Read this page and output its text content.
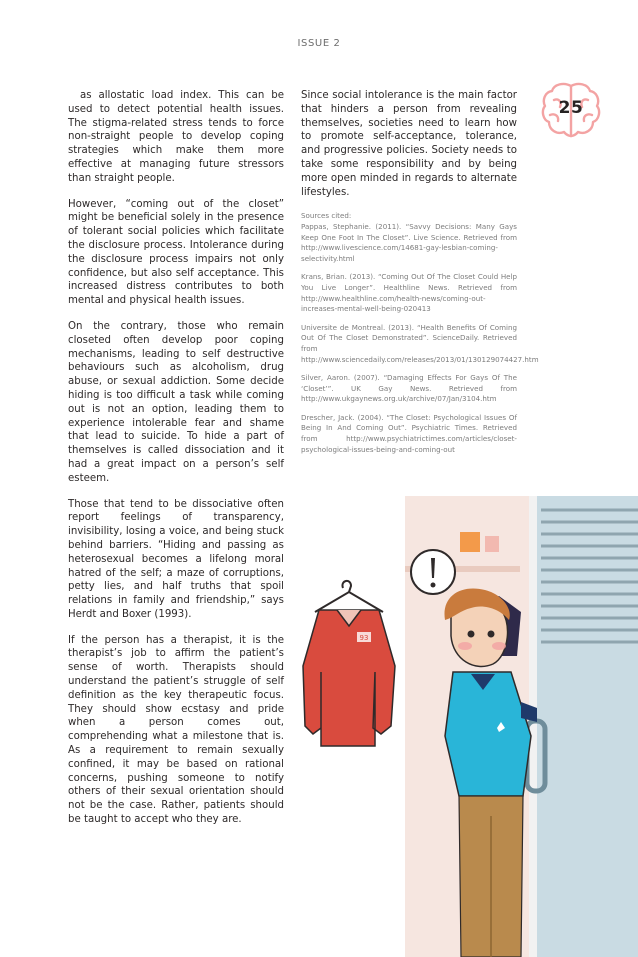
ISSUE 2
25

as allostatic load index. This can be used to detect potential health issues. The stigma-related stress tends to force non-straight people to develop coping strategies which make them more effective at managing future stressors than straight people.

However, “coming out of the closet” might be beneficial solely in the presence of tolerant social policies which facilitate the disclosure process. Intolerance during the disclosure process impairs not only confidence, but also self acceptance. This increased distress contributes to both mental and physical health issues.

On the contrary, those who remain closeted often develop poor coping mechanisms, leading to self destructive behaviours such as alcoholism, drug abuse, or sexual addiction. Some decide hiding is too difficult a task while coming out is not an option, leading them to experience intolerable fear and shame that lead to suicide. To hide a part of themselves is called dissociation and it had a great impact on a person’s self esteem.

Those that tend to be dissociative often report feelings of transparency, invisibility, losing a voice, and being stuck behind barriers. “Hiding and passing as heterosexual becomes a lifelong moral hatred of the self; a maze of corruptions, petty lies, and half truths that spoil relations in family and friendship,” says Herdt and Boxer (1993).

If the person has a therapist, it is the therapist’s job to affirm the patient’s sense of worth. Therapists should understand the patient’s struggle of self definition as the key therapeutic focus. They should show ecstasy and pride when a person comes out, comprehending what a milestone that is. As a requirement to remain sexually confined, it may be based on rational concerns, pushing someone to notify others of their sexual orientation should not be the case. Rather, patients should be taught to accept who they are.

Since social intolerance is the main factor that hinders a person from revealing themselves, societies need to learn how to promote self-acceptance, tolerance, and progressive policies. Society needs to take some responsibility and by being more open minded in regards to alternate lifestyles.

Sources cited:
Pappas, Stephanie. (2011). “Savvy Decisions: Many Gays Keep One Foot In The Closet”. Live Science. Retrieved from http://www.livescience.com/14681-gay-lesbian-coming-selectivity.html

Krans, Brian. (2013). “Coming Out Of The Closet Could Help You Live Longer”. Healthline News. Retrieved from http://www.healthline.com/health-news/coming-out-increases-mental-well-being-020413

Universite de Montreal. (2013). “Health Benefits Of Coming Out Of The Closet Demonstrated”. ScienceDaily. Retrieved from http://www.sciencedaily.com/releases/2013/01/130129074427.htm

Silver, Aaron. (2007). “Damaging Effects For Gays Of The ‘Closet’”. UK Gay News. Retrieved from http://www.ukgaynews.org.uk/archive/07/Jan/3104.htm

Drescher, Jack. (2004). “The Closet: Psychological Issues Of Being In And Coming Out”. Psychiatric Times. Retrieved from http://www.psychiatrictimes.com/articles/closet-psychological-issues-being-and-coming-out

93
